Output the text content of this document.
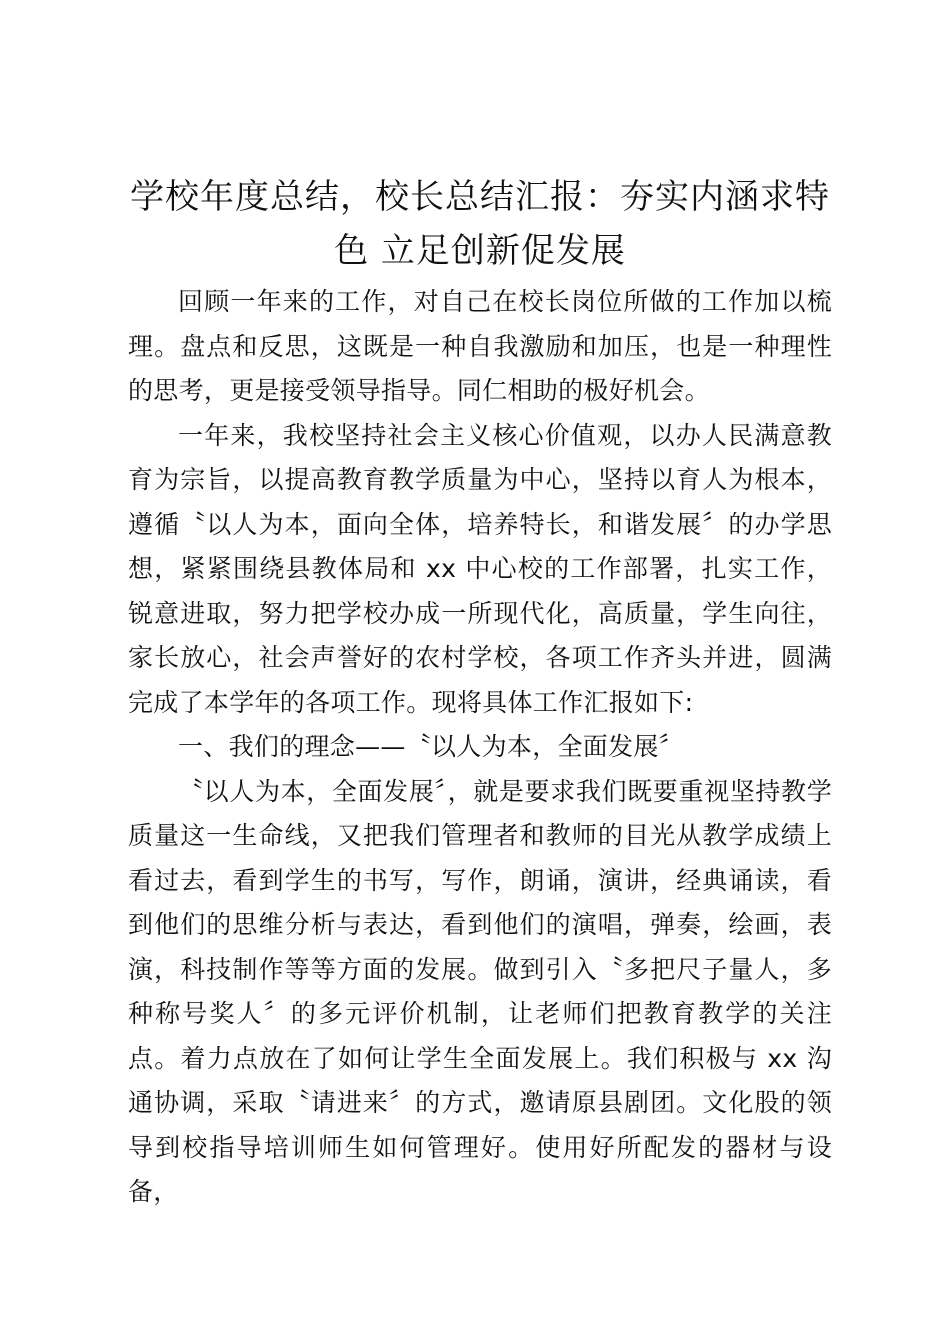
学校年度总结，校长总结汇报：夯实内涵求特色 立足创新促发展

回顾一年来的工作，对自己在校长岗位所做的工作加以梳理。盘点和反思，这既是一种自我激励和加压，也是一种理性的思考，更是接受领导指导。同仁相助的极好机会。

一年来，我校坚持社会主义核心价值观，以办人民满意教育为宗旨，以提高教育教学质量为中心，坚持以育人为根本，遵循〝以人为本，面向全体，培养特长，和谐发展〞的办学思想，紧紧围绕县教体局和 xx 中心校的工作部署，扎实工作，锐意进取，努力把学校办成一所现代化，高质量，学生向往，家长放心，社会声誉好的农村学校，各项工作齐头并进，圆满完成了本学年的各项工作。现将具体工作汇报如下:

一、我们的理念——〝以人为本，全面发展〞

〝以人为本，全面发展〞，就是要求我们既要重视坚持教学质量这一生命线，又把我们管理者和教师的目光从教学成绩上看过去，看到学生的书写，写作，朗诵，演讲，经典诵读，看到他们的思维分析与表达，看到他们的演唱，弹奏，绘画，表演，科技制作等等方面的发展。做到引入〝多把尺子量人，多种称号奖人〞的多元评价机制，让老师们把教育教学的关注点。着力点放在了如何让学生全面发展上。我们积极与 xx 沟通协调，采取〝请进来〞的方式，邀请原县剧团。文化股的领导到校指导培训师生如何管理好。使用好所配发的器材与设备，
